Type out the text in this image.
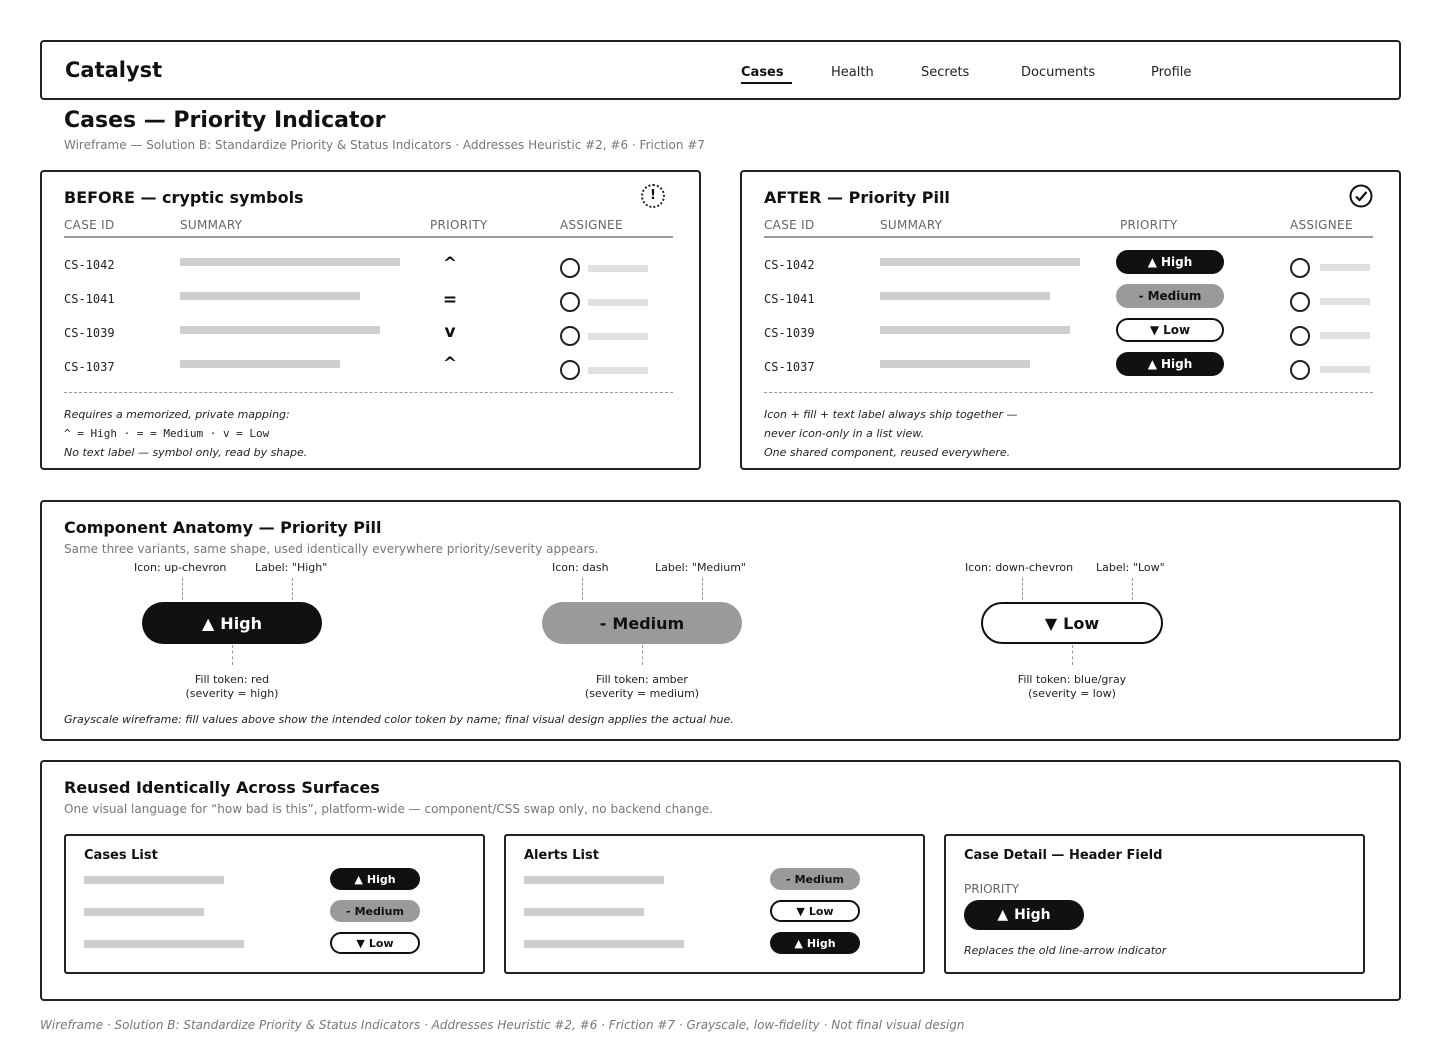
Catalyst	Cases	Health	Secrets	Documents	Profile
Cases — Priority Indicator
Wireframe — Solution B: Standardize Priority & Status Indicators · Addresses Heuristic #2, #6 · Friction #7
BEFORE — cryptic symbols	!
CASE ID	SUMMARY	PRIORITY	ASSIGNEE
CS-1042	^
CS-1041	=
CS-1039	v
CS-1037	^
Requires a memorized, private mapping:
^ = High · = = Medium · v = Low
No text label — symbol only, read by shape.
AFTER — Priority Pill
CASE ID	SUMMARY	PRIORITY	ASSIGNEE
CS-1042	▲ High
CS-1041	- Medium
CS-1039	▼ Low
CS-1037	▲ High
Icon + fill + text label always ship together —
never icon-only in a list view.
One shared component, reused everywhere.
Component Anatomy — Priority Pill
Same three variants, same shape, used identically everywhere priority/severity appears.
Icon: up-chevron	Label: "High"
▲ High
Fill token: red
(severity = high)
Icon: dash	Label: "Medium"
- Medium
Fill token: amber
(severity = medium)
Icon: down-chevron Label: "Low"
▼ Low
Fill token: blue/gray
(severity = low)
Grayscale wireframe: fill values above show the intended color token by name; final visual design applies the actual hue.
Reused Identically Across Surfaces
One visual language for “how bad is this”, platform-wide — component/CSS swap only, no backend change.
Cases List
▲ High
- Medium
▼ Low
Alerts List
- Medium
▼ Low
▲ High
Case Detail — Header Field
PRIORITY
▲ High
Replaces the old line-arrow indicator
Wireframe · Solution B: Standardize Priority & Status Indicators · Addresses Heuristic #2, #6 · Friction #7 · Grayscale, low-fidelity · Not final visual design
